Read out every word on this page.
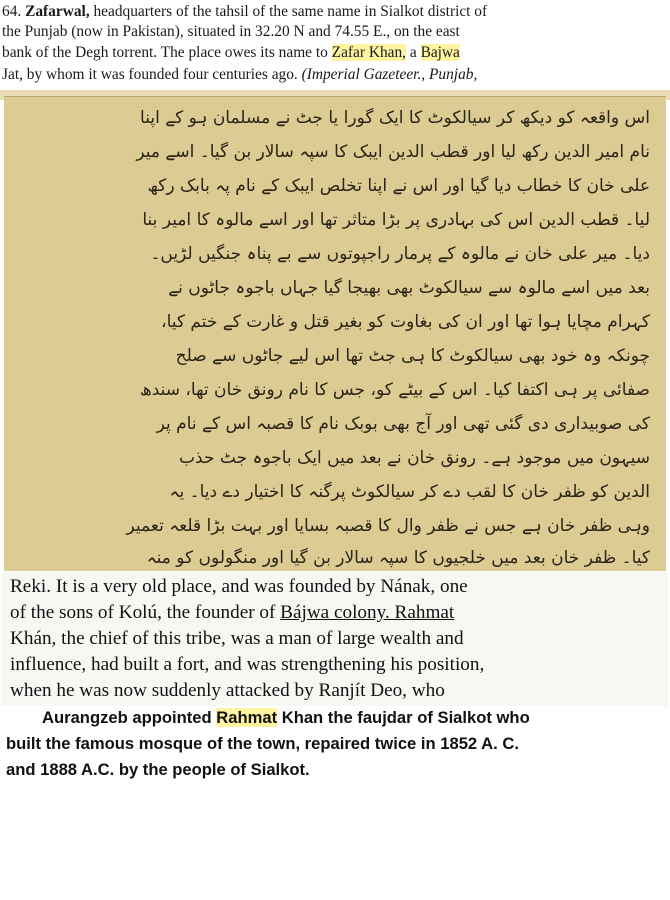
64. Zafarwal, headquarters of the tahsil of the same name in Sialkot district of
the Punjab (now in Pakistan), situated in 32.20 N and 74.55 E., on the east
bank of the Degh torrent. The place owes its name to Zafar Khan, a Bajwa
Jat, by whom it was founded four centuries ago. (Imperial Gazeteer., Punjab,
اس واقعہ کو دیکھ کر سیالکوٹ کا ایک گورا یا جٹ نے مسلمان ہو کے اپنا
نام امیر الدین رکھ لیا اور قطب الدین ایبک کا سپہ سالار بن گیا۔ اسے میر
علی خان کا خطاب دیا گیا اور اس نے اپنا تخلص ایبک کے نام پہ بابک رکھ
لیا۔ قطب الدین اس کی بہادری پر بڑا متاثر تھا اور اسے مالوہ کا امیر بنا
دیا۔ میر علی خان نے مالوہ کے پرمار راجپوتوں سے بے پناہ جنگیں لڑیں۔
بعد میں اسے مالوہ سے سیالکوٹ بھی بھیجا گیا جہاں باجوہ جاٹوں نے
کہرام مچایا ہوا تھا اور ان کی بغاوت کو بغیر قتل و غارت کے ختم کیا،
چونکہ وہ خود بھی سیالکوٹ کا ہی جٹ تھا اس لیے جاٹوں سے صلح
صفائی پر ہی اکتفا کیا۔ اس کے بیٹے کو، جس کا نام رونق خان تھا، سندھ
کی صوبیداری دی گئی تھی اور آج بھی بوبک نام کا قصبہ اس کے نام پر
سیہون میں موجود ہے۔ رونق خان نے بعد میں ایک باجوہ جٹ حذب
الدین کو ظفر خان کا لقب دے کر سیالکوٹ پرگنہ کا اختیار دے دیا۔ یہ
وہی ظفر خان ہے جس نے ظفر وال کا قصبہ بسایا اور بہت بڑا قلعہ تعمیر
کیا۔ ظفر خان بعد میں خلجیوں کا سپہ سالار بن گیا اور منگولوں کو منہ
Reki. It is a very old place, and was founded by Nának, one
of the sons of Kolú, the founder of Bájwa colony. Rahmat
Khán, the chief of this tribe, was a man of large wealth and
influence, had built a fort, and was strengthening his position,
when he was now suddenly attacked by Ranjít Deo, who
Aurangzeb appointed Rahmat Khan the faujdar of Sialkot who
built the famous mosque of the town, repaired twice in 1852 A. C.
and 1888 A.C. by the people of Sialkot.
